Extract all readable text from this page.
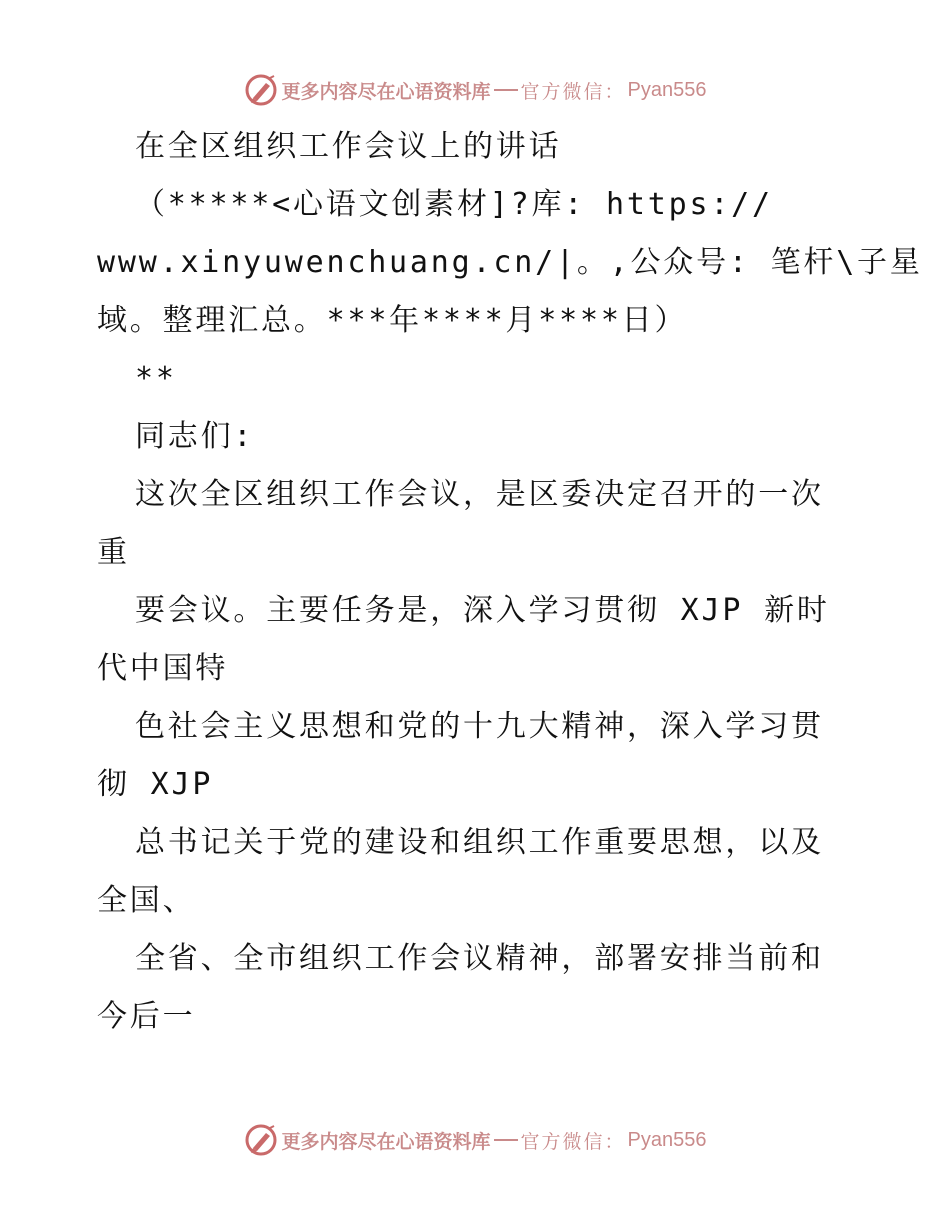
更多内容尽在心语资料库 官方微信： Pyan556
在全区组织工作会议上的讲话
（*****<心语文创素材]?库: https://
www.xinyuwenchuang.cn/|。,公众号: 笔杆\子星
域。整理汇总。***年****月****日）
**
同志们:
这次全区组织工作会议，是区委决定召开的一次
重
要会议。主要任务是，深入学习贯彻 XJP 新时
代中国特
色社会主义思想和党的十九大精神，深入学习贯
彻 XJP
总书记关于党的建设和组织工作重要思想，以及
全国、
全省、全市组织工作会议精神，部署安排当前和
今后一
更多内容尽在心语资料库 官方微信： Pyan556
